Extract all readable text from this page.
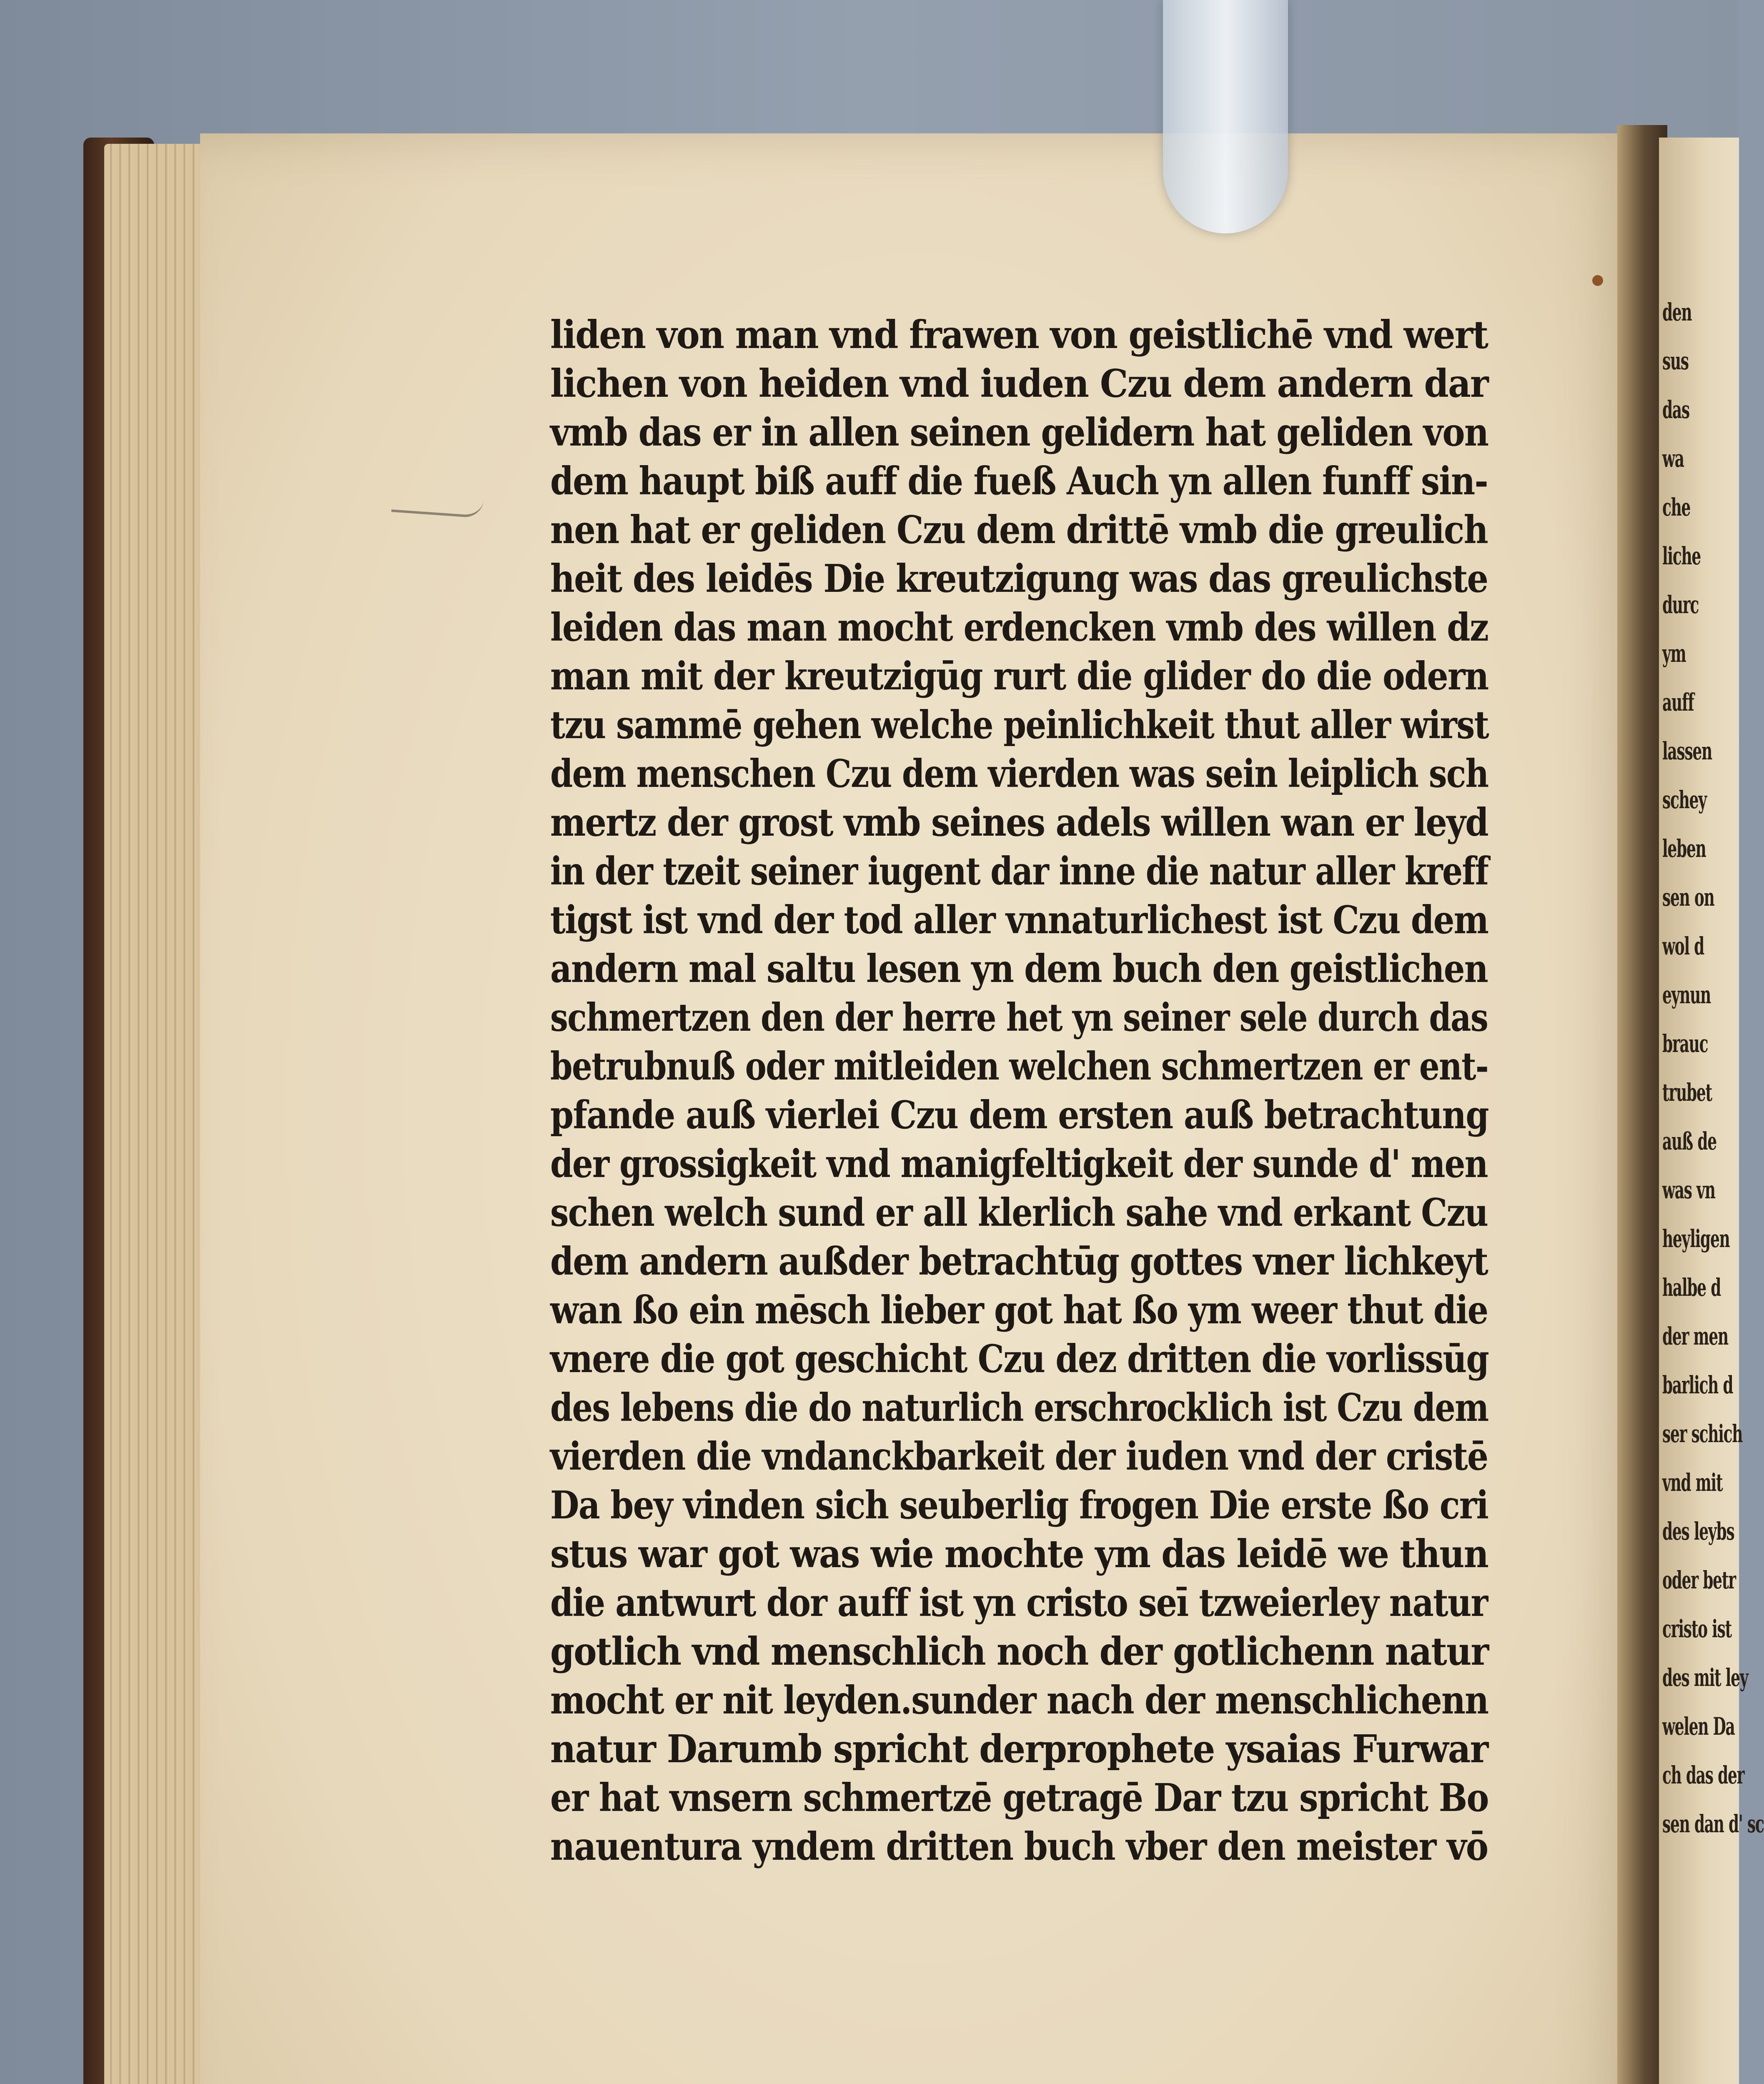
den
sus
das
wa
che
liche
durc
ym
auff
lassen
schey
leben
sen on
wol d
eynun
brauc
trubet
auß de
was vn
heyligen
halbe d
der men
barlich d
ser schich
vnd mit
des leybs
oder betr
cristo ist
des mit ley
welen Da
ch das der
sen dan d' sc
liden von man vnd frawen von geistlichē vnd wert
lichen von heiden vnd iuden Czu dem andern dar
vmb das er in allen seinen gelidern hat geliden von
dem haupt biß auff die fueß Auch yn allen funff sin-
nen hat er geliden Czu dem drittē vmb die greulich
heit des leidēs Die kreutzigung was das greulichste
leiden das man mocht erdencken vmb des willen dz
man mit der kreutzigūg rurt die glider do die odern
tzu sammē gehen welche peinlichkeit thut aller wirst
dem menschen Czu dem vierden was sein leiplich sch
mertz der grost vmb seines adels willen wan er leyd
in der tzeit seiner iugent dar inne die natur aller kreff
tigst ist vnd der tod aller vnnaturlichest ist Czu dem
andern mal saltu lesen yn dem buch den geistlichen
schmertzen den der herre het yn seiner sele durch das
betrubnuß oder mitleiden welchen schmertzen er ent-
pfande auß vierlei Czu dem ersten auß betrachtung
der grossigkeit vnd manigfeltigkeit der sunde d' men
schen welch sund er all klerlich sahe vnd erkant Czu
dem andern außder betrachtūg gottes vner lichkeyt
wan ßo ein mēsch lieber got hat ßo ym weer thut die
vnere die got geschicht Czu dez dritten die vorlissūg
des lebens die do naturlich erschrocklich ist Czu dem
vierden die vndanckbarkeit der iuden vnd der cristē
Da bey vinden sich seuberlig frogen Die erste ßo cri
stus war got was wie mochte ym das leidē we thun
die antwurt dor auff ist yn cristo seī tzweierley natur
gotlich vnd menschlich noch der gotlichenn natur
mocht er nit leyden.sunder nach der menschlichenn
natur Darumb spricht derprophete ysaias Furwar
er hat vnsern schmertzē getragē Dar tzu spricht Bo
nauentura yndem dritten buch vber den meister vō
